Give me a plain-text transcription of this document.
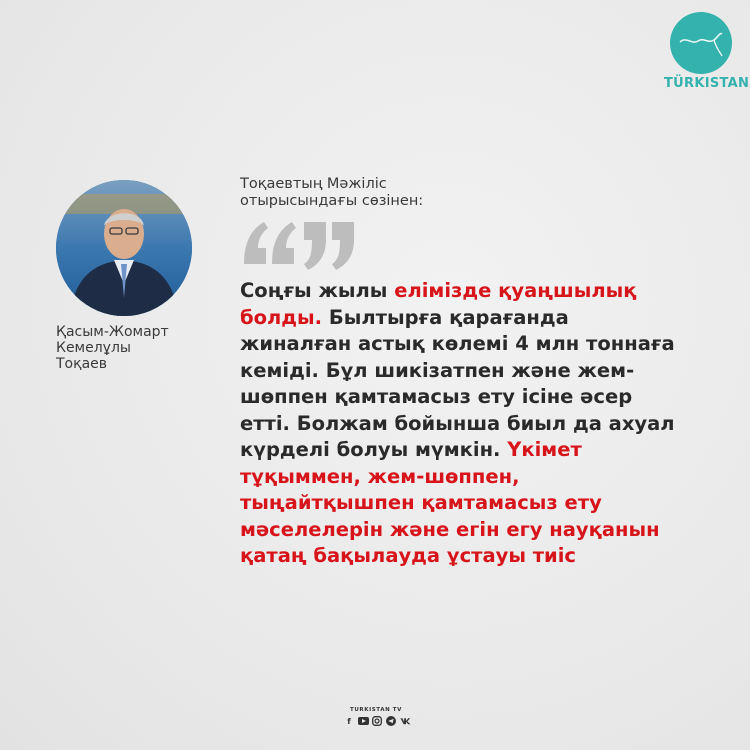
TÜRKISTAN
Қасым-Жомарт
Кемелұлы
Тоқаев
Тоқаевтың Мәжіліс
отырысындағы сөзінен:
Соңғы жылы елімізде қуаңшылық болды. Былтырға қарағанда жиналған астық көлемі 4 млн тоннаға кеміді. Бұл шикізатпен және жем-шөппен қамтамасыз ету ісіне әсер етті. Болжам бойынша биыл да ахуал күрделі болуы мүмкін. Үкімет тұқыммен, жем-шөппен, тыңайтқышпен қамтамасыз ету мәселелерін және егін егу науқанын қатаң бақылауда ұстауы тиіс
TURKISTAN TV
f
